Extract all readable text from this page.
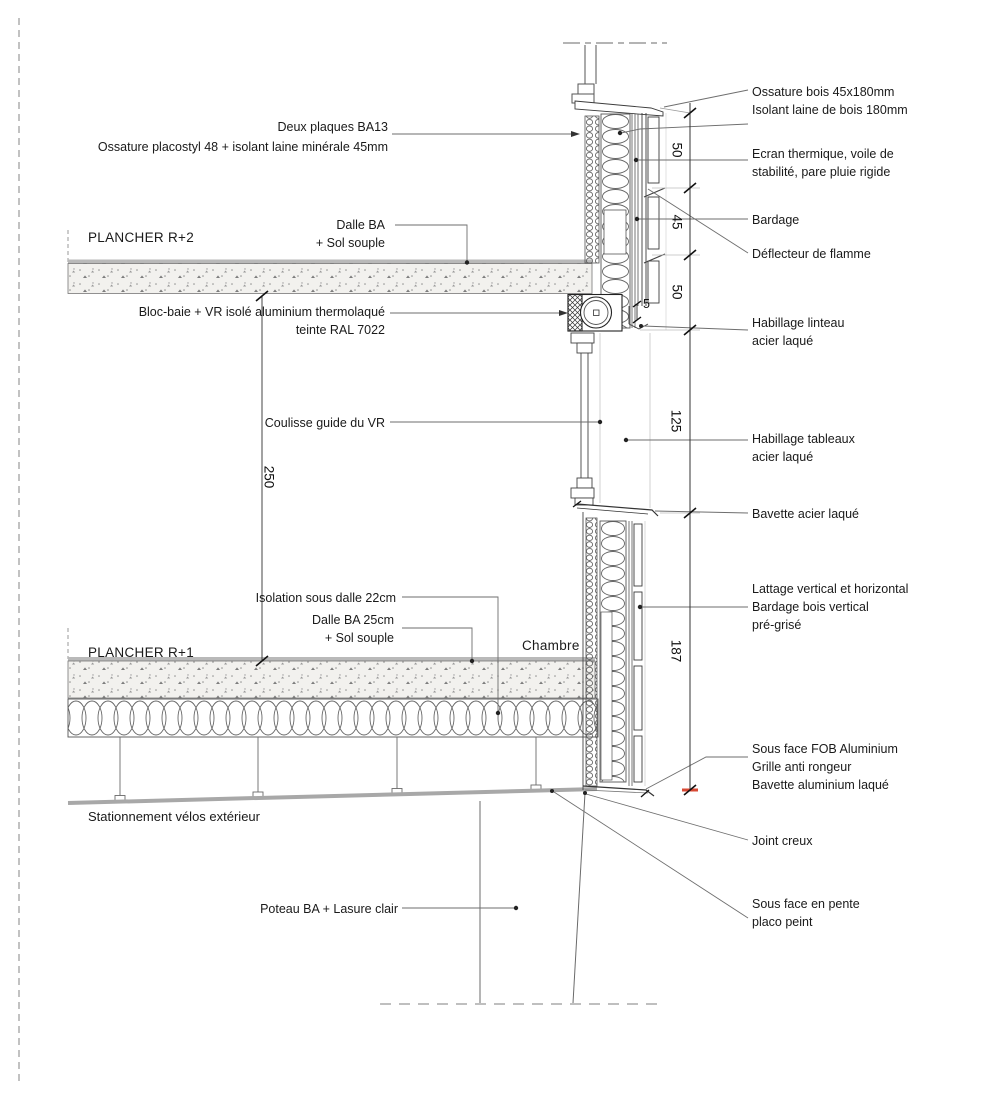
Deux plaques BA13
Ossature placostyl 48 + isolant laine minérale 45mm
PLANCHER R+2
Dalle BA
+ Sol souple
Bloc-baie + VR isolé aluminium thermolaqué
teinte RAL 7022
Coulisse guide du VR
Isolation sous dalle 22cm
Dalle BA 25cm
+ Sol souple
PLANCHER R+1	Chambre
Stationnement vélos extérieur
Poteau BA + Lasure clair
Ossature bois 45x180mm
Isolant laine de bois 180mm
Ecran thermique, voile de
stabilité, pare pluie rigide
Bardage
Déflecteur de flamme
Habillage linteau
acier laqué
Habillage tableaux
acier laqué
Bavette acier laqué
Lattage vertical et horizontal
Bardage bois vertical
pré-grisé
Sous face FOB Aluminium
Grille anti rongeur
Bavette aluminium laqué
Joint creux
Sous face en pente
placo peint
50
45
50
5
125
187
250
